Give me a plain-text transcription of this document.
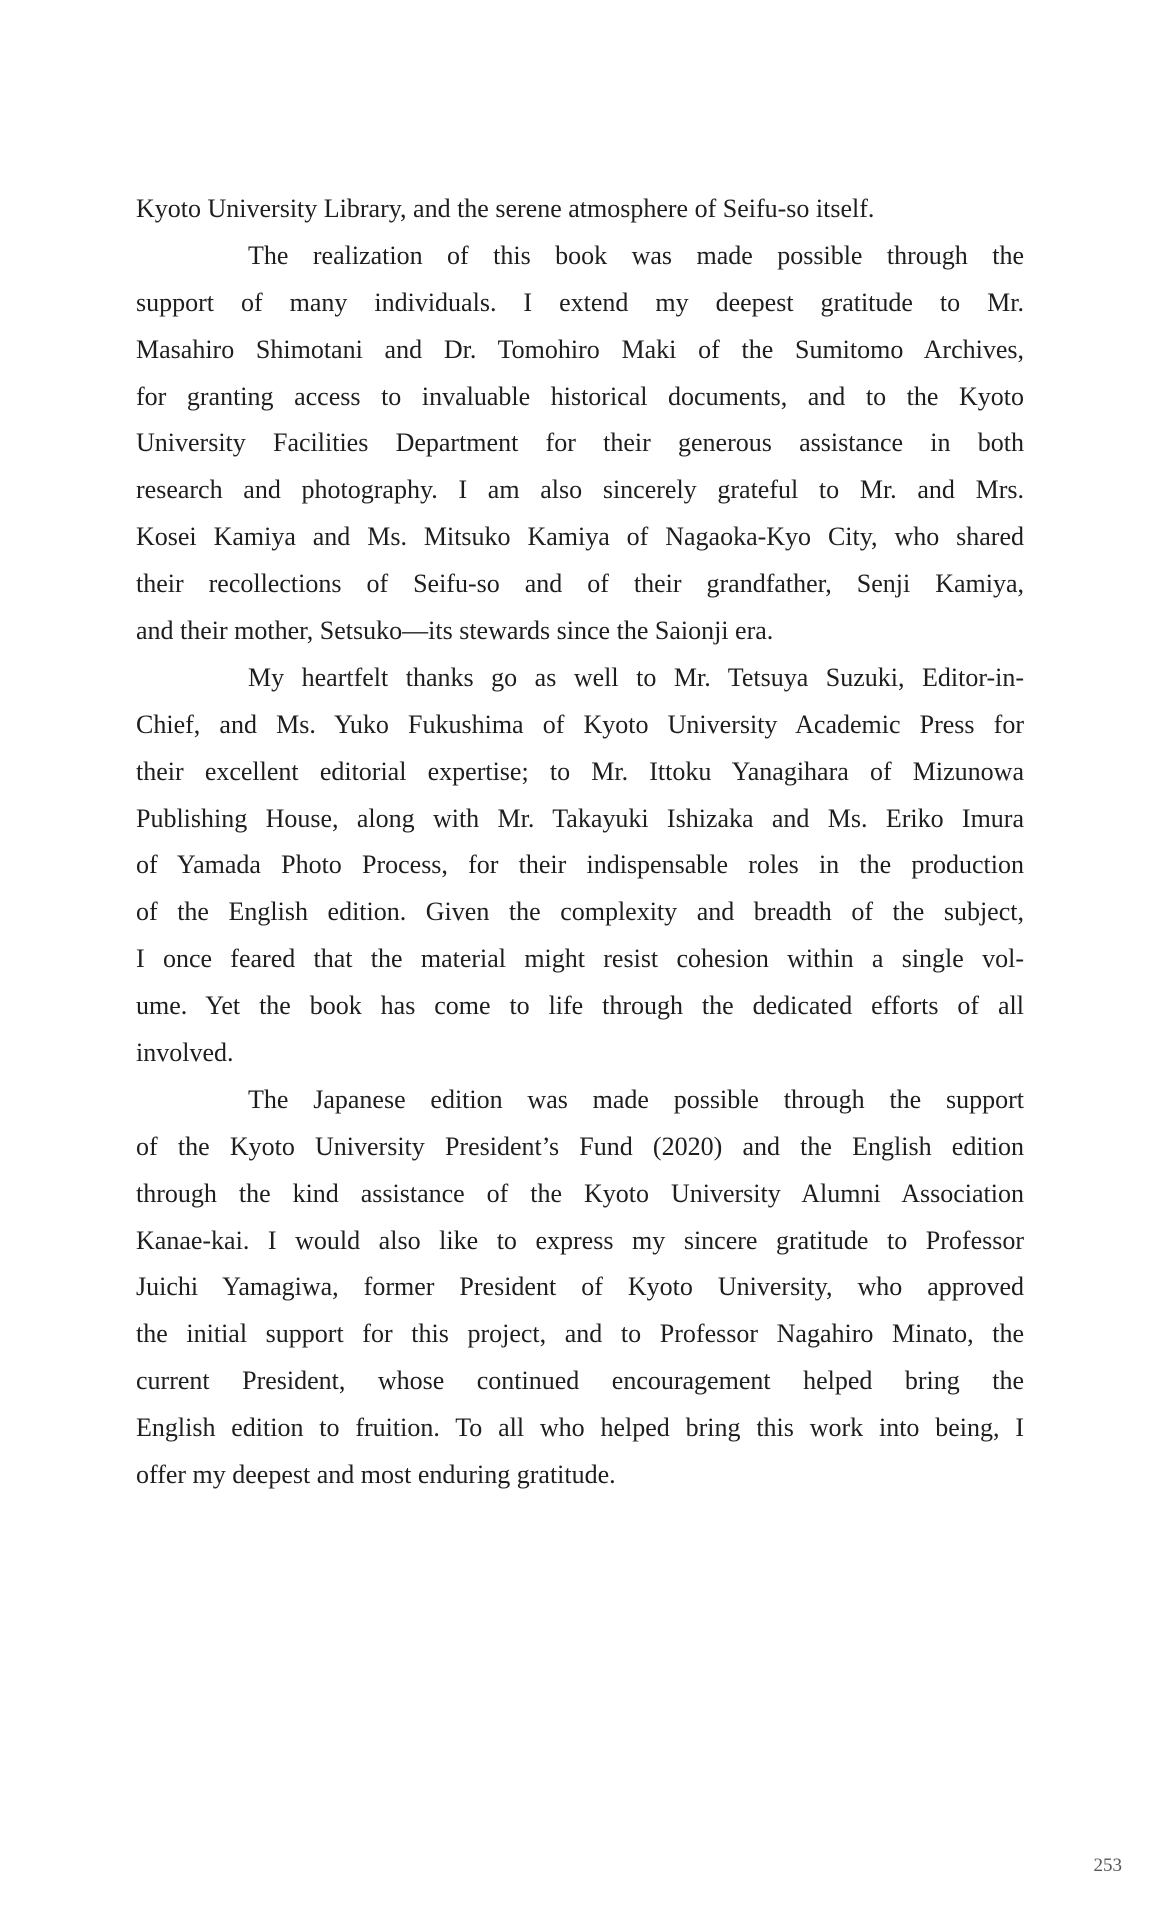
Kyoto University Library, and the serene atmosphere of Seifu-so itself.
The realization of this book was made possible through the
support of many individuals. I extend my deepest gratitude to Mr.
Masahiro Shimotani and Dr. Tomohiro Maki of the Sumitomo Archives,
for granting access to invaluable historical documents, and to the Kyoto
University Facilities Department for their generous assistance in both
research and photography. I am also sincerely grateful to Mr. and Mrs.
Kosei Kamiya and Ms. Mitsuko Kamiya of Nagaoka-Kyo City, who shared
their recollections of Seifu-so and of their grandfather, Senji Kamiya,
and their mother, Setsuko—its stewards since the Saionji era.
My heartfelt thanks go as well to Mr. Tetsuya Suzuki, Editor-in-
Chief, and Ms. Yuko Fukushima of Kyoto University Academic Press for
their excellent editorial expertise; to Mr. Ittoku Yanagihara of Mizunowa
Publishing House, along with Mr. Takayuki Ishizaka and Ms. Eriko Imura
of Yamada Photo Process, for their indispensable roles in the production
of the English edition. Given the complexity and breadth of the subject,
I once feared that the material might resist cohesion within a single vol-
ume. Yet the book has come to life through the dedicated efforts of all
involved.
The Japanese edition was made possible through the support
of the Kyoto University President’s Fund (2020) and the English edition
through the kind assistance of the Kyoto University Alumni Association
Kanae-kai. I would also like to express my sincere gratitude to Professor
Juichi Yamagiwa, former President of Kyoto University, who approved
the initial support for this project, and to Professor Nagahiro Minato, the
current President, whose continued encouragement helped bring the
English edition to fruition. To all who helped bring this work into being, I
offer my deepest and most enduring gratitude.
253
